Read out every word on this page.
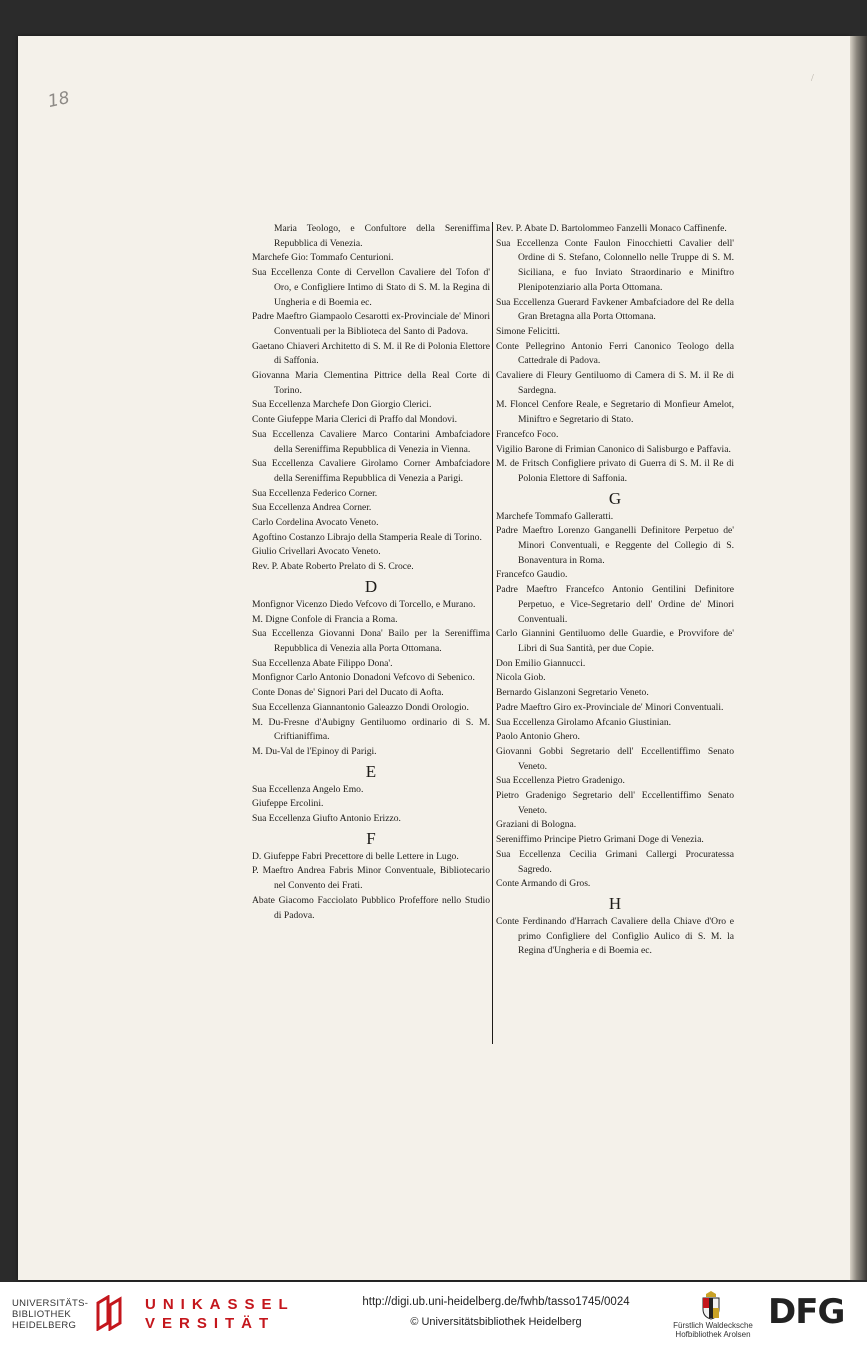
18
/
Maria Teologo, e Confultore della Sereniffima Repubblica di Venezia.
Marchefe Gio: Tommafo Centurioni.
Sua Eccellenza Conte di Cervellon Cavaliere del Tofon d' Oro, e Configliere Intimo di Stato di S. M. la Regina di Ungheria e di Boemia ec.
Padre Maeftro Giampaolo Cesarotti ex-Provinciale de' Minori Conventuali per la Biblioteca del Santo di Padova.
Gaetano Chiaveri Architetto di S. M. il Re di Polonia Elettore di Saffonia.
Giovanna Maria Clementina Pittrice della Real Corte di Torino.
Sua Eccellenza Marchefe Don Giorgio Clerici.
Conte Giufeppe Maria Clerici di Praffo dal Mondovi.
Sua Eccellenza Cavaliere Marco Contarini Ambafciadore della Sereniffima Repubblica di Venezia in Vienna.
Sua Eccellenza Cavaliere Girolamo Corner Ambafciadore della Sereniffima Repubblica di Venezia a Parigi.
Sua Eccellenza Federico Corner.
Sua Eccellenza Andrea Corner.
Carlo Cordelina Avocato Veneto.
Agoftino Costanzo Librajo della Stamperia Reale di Torino.
Giulio Crivellari Avocato Veneto.
Rev. P. Abate Roberto Prelato di S. Croce.
D
Monfignor Vicenzo Diedo Vefcovo di Torcello, e Murano.
M. Digne Confole di Francia a Roma.
Sua Eccellenza Giovanni Dona' Bailo per la Sereniffima Repubblica di Venezia alla Porta Ottomana.
Sua Eccellenza Abate Filippo Dona'.
Monfignor Carlo Antonio Donadoni Vefcovo di Sebenico.
Conte Donas de' Signori Pari del Ducato di Aofta.
Sua Eccellenza Giannantonio Galeazzo Dondi Orologio.
M. Du-Fresne d'Aubigny Gentiluomo ordinario di S. M. Criftianiffima.
M. Du-Val de l'Epinoy di Parigi.
E
Sua Eccellenza Angelo Emo.
Giufeppe Ercolini.
Sua Eccellenza Giufto Antonio Erizzo.
F
D. Giufeppe Fabri Precettore di belle Lettere in Lugo.
P. Maeftro Andrea Fabris Minor Conventuale, Bibliotecario nel Convento dei Frati.
Abate Giacomo Facciolato Pubblico Profeffore nello Studio di Padova.
Rev. P. Abate D. Bartolommeo Fanzelli Monaco Caffinenfe.
Sua Eccellenza Conte Faulon Finocchietti Cavalier dell' Ordine di S. Stefano, Colonnello nelle Truppe di S. M. Siciliana, e fuo Inviato Straordinario e Miniftro Plenipotenziario alla Porta Ottomana.
Sua Eccellenza Guerard Favkener Ambafciadore del Re della Gran Bretagna alla Porta Ottomana.
Simone Felicitti.
Conte Pellegrino Antonio Ferri Canonico Teologo della Cattedrale di Padova.
Cavaliere di Fleury Gentiluomo di Camera di S. M. il Re di Sardegna.
M. Floncel Cenfore Reale, e Segretario di Monfieur Amelot, Miniftro e Segretario di Stato.
Francefco Foco.
Vigilio Barone di Frimian Canonico di Salisburgo e Paffavia.
M. de Fritsch Configliere privato di Guerra di S. M. il Re di Polonia Elettore di Saffonia.
G
Marchefe Tommafo Galleratti.
Padre Maeftro Lorenzo Ganganelli Definitore Perpetuo de' Minori Conventuali, e Reggente del Collegio di S. Bonaventura in Roma.
Francefco Gaudio.
Padre Maeftro Francefco Antonio Gentilini Definitore Perpetuo, e Vice-Segretario dell' Ordine de' Minori Conventuali.
Carlo Giannini Gentiluomo delle Guardie, e Provvifore de' Libri di Sua Santità, per due Copie.
Don Emilio Giannucci.
Nicola Giob.
Bernardo Gislanzoni Segretario Veneto.
Padre Maeftro Giro ex-Provinciale de' Minori Conventuali.
Sua Eccellenza Girolamo Afcanio Giustinian.
Paolo Antonio Ghero.
Giovanni Gobbi Segretario dell' Eccellentiffimo Senato Veneto.
Sua Eccellenza Pietro Gradenigo.
Pietro Gradenigo Segretario dell' Eccellentiffimo Senato Veneto.
Graziani di Bologna.
Sereniffimo Principe Pietro Grimani Doge di Venezia.
Sua Eccellenza Cecilia Grimani Callergi Procuratessa Sagredo.
Conte Armando di Gros.
H
Conte Ferdinando d'Harrach Cavaliere della Chiave d'Oro e primo Configliere del Configlio Aulico di S. M. la Regina d'Ungheria e di Boemia ec.
UNIVERSITÄTS-
BIBLIOTHEK
HEIDELBERG
UNIKASSEL
VERSITÄT
http://digi.ub.uni-heidelberg.de/fwhb/tasso1745/0024
© Universitätsbibliothek Heidelberg	Fürstlich Waldecksche
Hofbibliothek Arolsen
DFG
